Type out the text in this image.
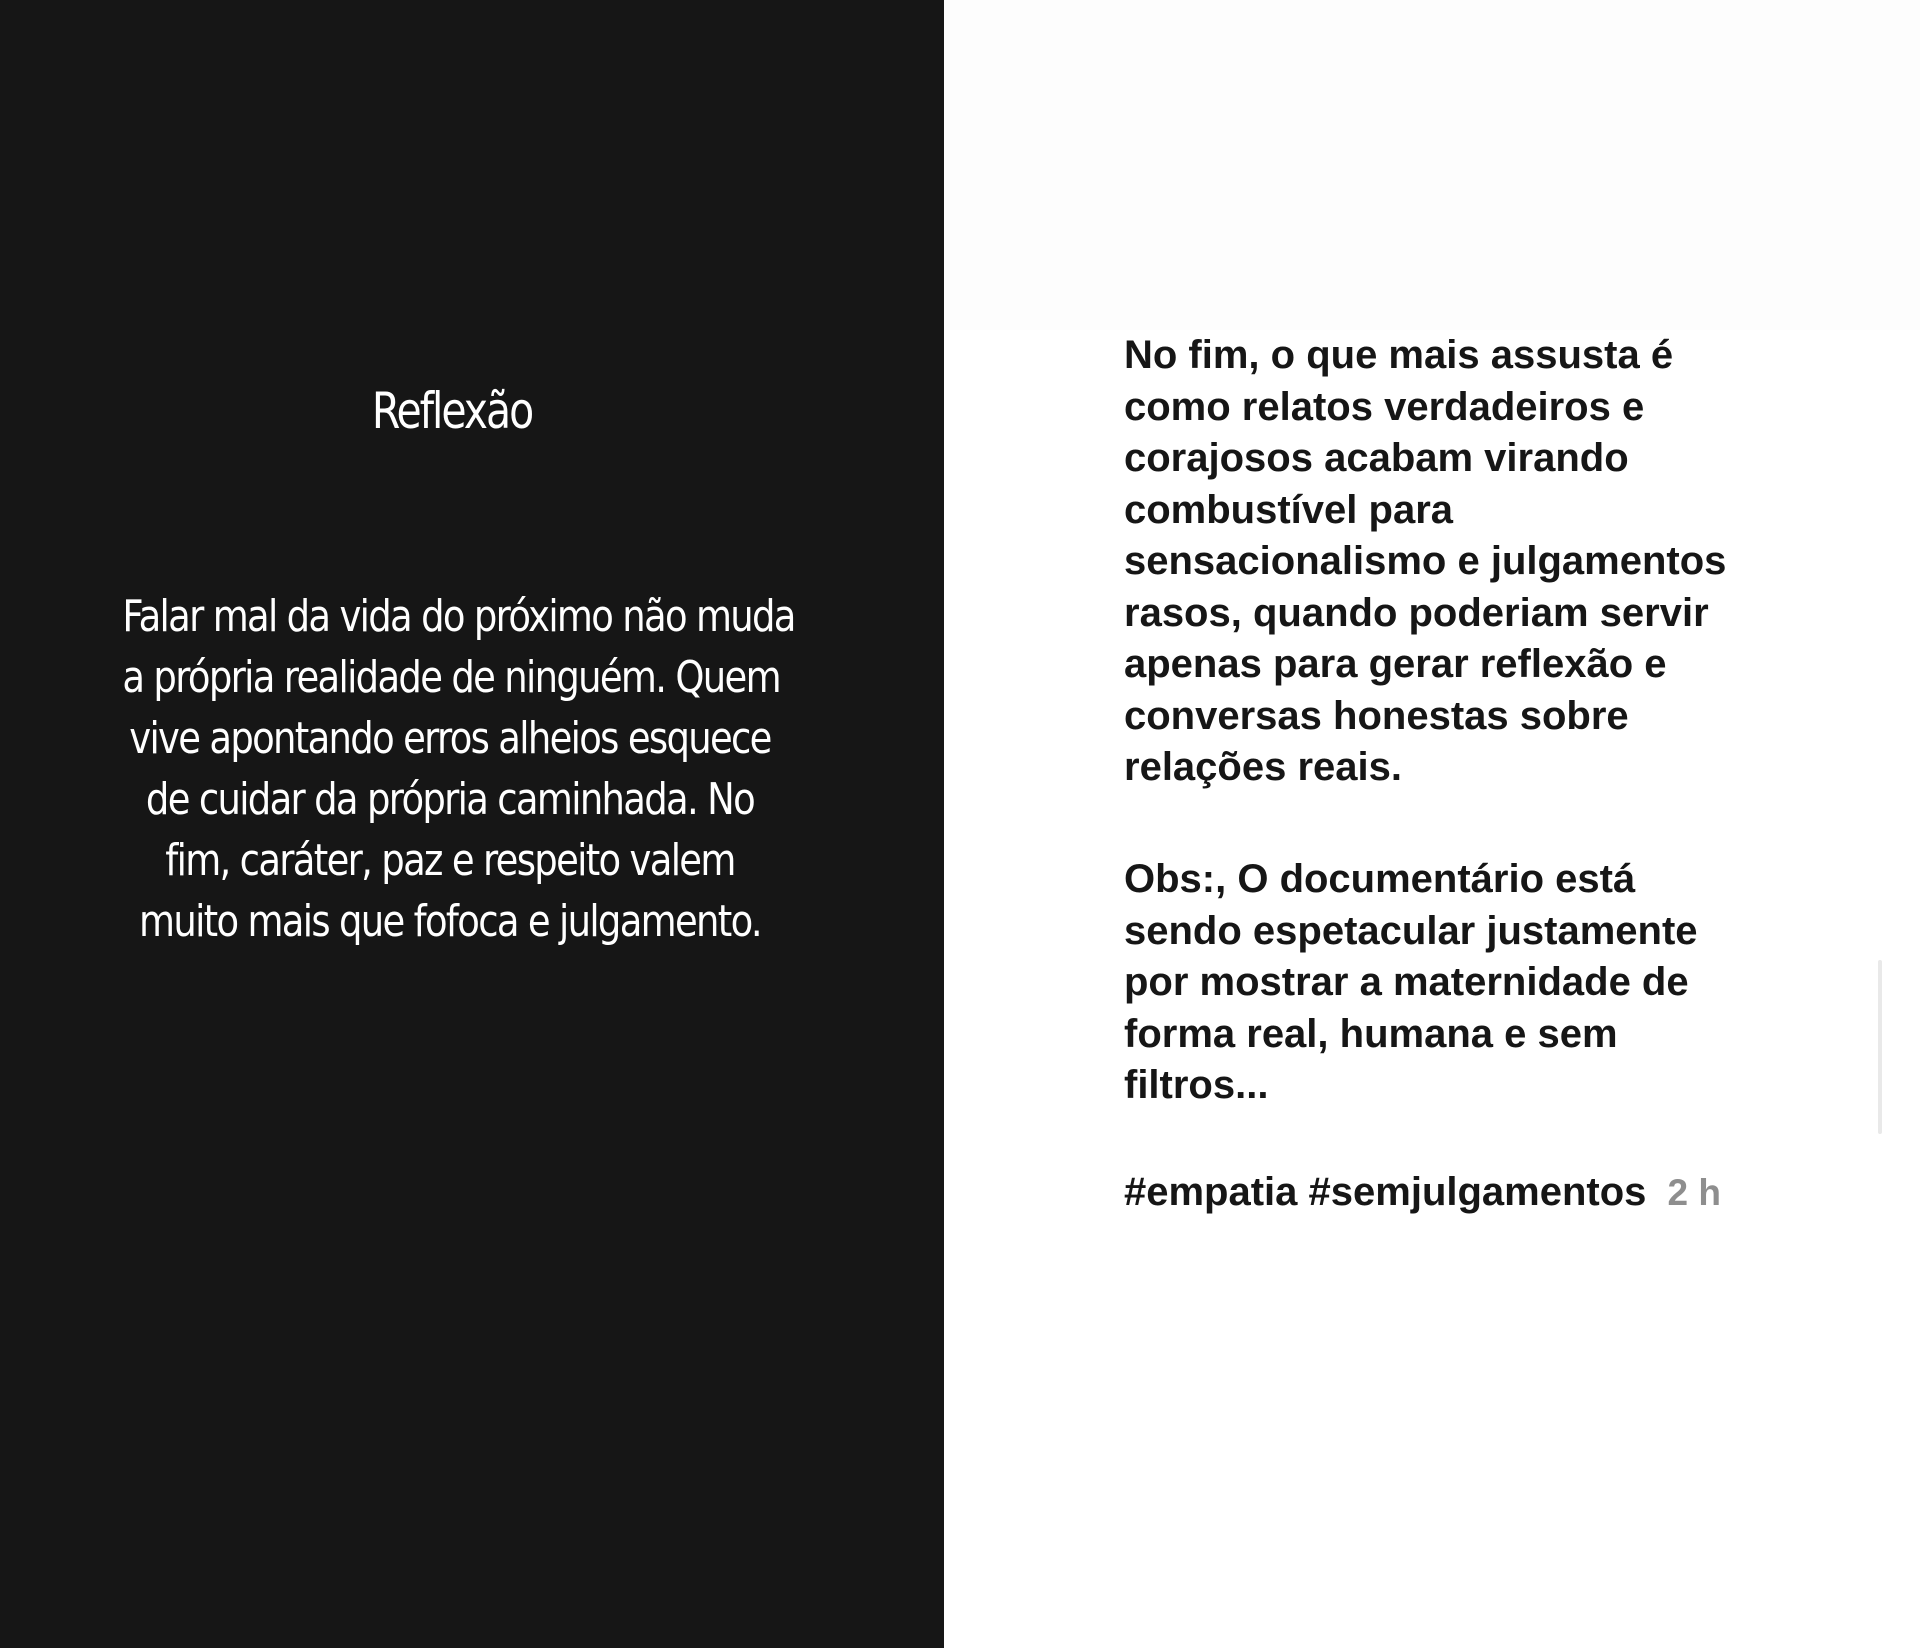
Reflexão
Falar mal da vida do próximo não muda
a própria realidade de ninguém. Quem
vive apontando erros alheios esquece
de cuidar da própria caminhada. No
fim, caráter, paz e respeito valem
muito mais que fofoca e julgamento.
No fim, o que mais assusta é
como relatos verdadeiros e
corajosos acabam virando
combustível para
sensacionalismo e julgamentos
rasos, quando poderiam servir
apenas para gerar reflexão e
conversas honestas sobre
relações reais.
Obs:, O documentário está
sendo espetacular justamente
por mostrar a maternidade de
forma real, humana e sem
filtros...
#empatia #semjulgamentos 2 h
